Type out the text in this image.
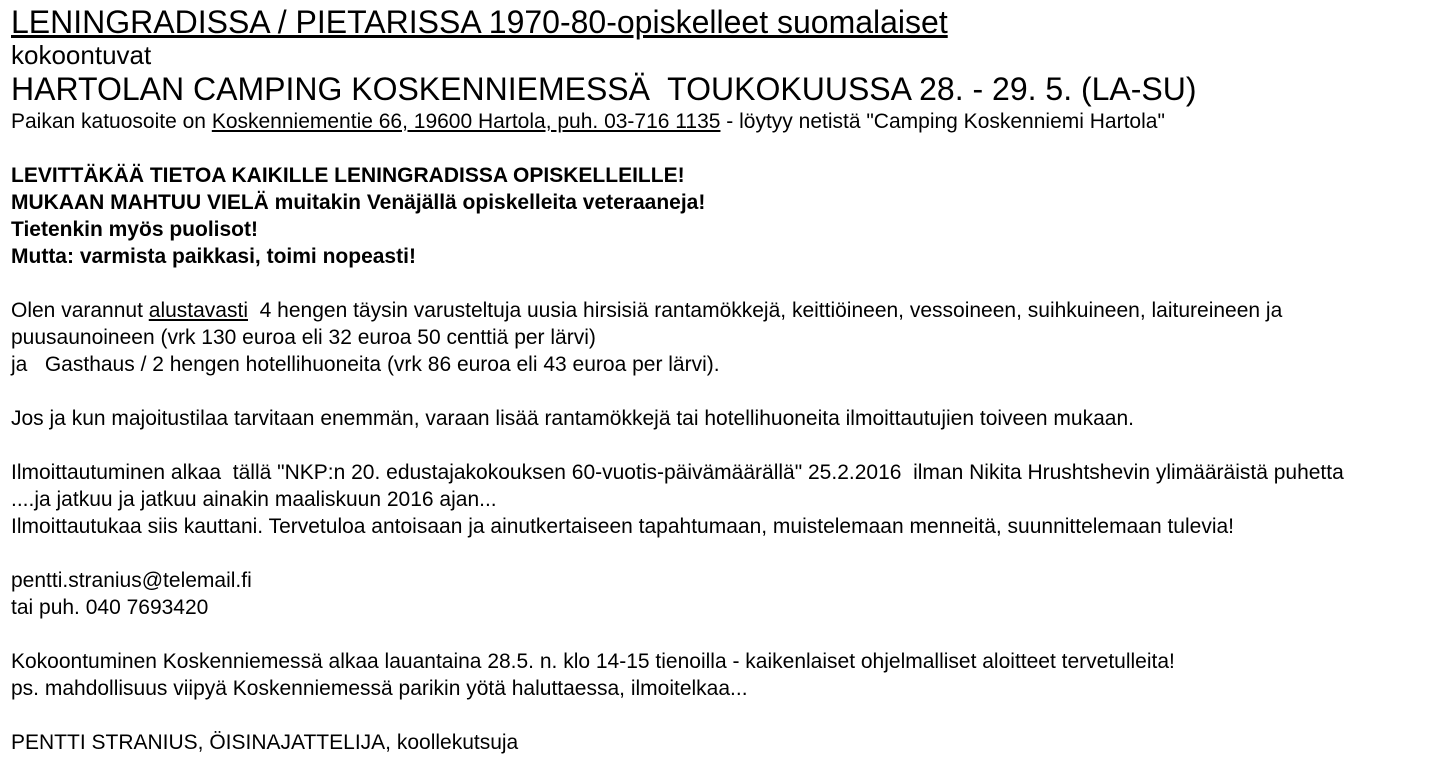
LENINGRADISSA / PIETARISSA 1970-80-opiskelleet suomalaiset
kokoontuvat
HARTOLAN CAMPING KOSKENNIEMESSÄ  TOUKOKUUSSA 28. - 29. 5. (LA-SU)
Paikan katuosoite on Koskenniementie 66, 19600 Hartola, puh. 03-716 1135 - löytyy netistä "Camping Koskenniemi Hartola"
LEVITTÄKÄÄ TIETOA KAIKILLE LENINGRADISSA OPISKELLEILLE!
MUKAAN MAHTUU VIELÄ muitakin Venäjällä opiskelleita veteraaneja!
Tietenkin myös puolisot!
Mutta: varmista paikkasi, toimi nopeasti!
Olen varannut alustavasti  4 hengen täysin varusteltuja uusia hirsisiä rantamökkejä, keittiöineen, vessoineen, suihkuineen, laitureineen ja
puusaunoineen (vrk 130 euroa eli 32 euroa 50 centtiä per lärvi)
ja   Gasthaus / 2 hengen hotellihuoneita (vrk 86 euroa eli 43 euroa per lärvi).
Jos ja kun majoitustilaa tarvitaan enemmän, varaan lisää rantamökkejä tai hotellihuoneita ilmoittautujien toiveen mukaan.
Ilmoittautuminen alkaa  tällä "NKP:n 20. edustajakokouksen 60-vuotis-päivämäärällä" 25.2.2016  ilman Nikita Hrushtshevin ylimääräistä puhetta
....ja jatkuu ja jatkuu ainakin maaliskuun 2016 ajan...
Ilmoittautukaa siis kauttani. Tervetuloa antoisaan ja ainutkertaiseen tapahtumaan, muistelemaan menneitä, suunnittelemaan tulevia!
pentti.stranius@telemail.fi
tai puh. 040 7693420
Kokoontuminen Koskenniemessä alkaa lauantaina 28.5. n. klo 14-15 tienoilla - kaikenlaiset ohjelmalliset aloitteet tervetulleita!
ps. mahdollisuus viipyä Koskenniemessä parikin yötä haluttaessa, ilmoitelkaa...
PENTTI STRANIUS, ÖISINAJATTELIJA, koollekutsuja
